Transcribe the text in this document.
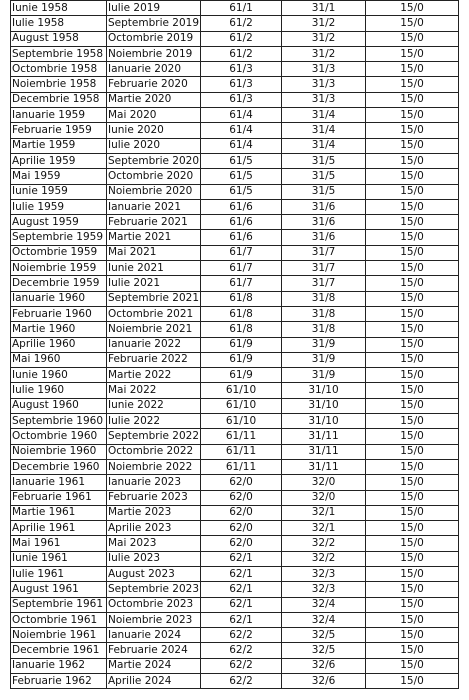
Iunie 1958	Iulie 2019	61/1	31/1	15/0
Iulie 1958	Septembrie 2019	61/2	31/2	15/0
August 1958	Octombrie 2019	61/2	31/2	15/0
Septembrie 1958	Noiembrie 2019	61/2	31/2	15/0
Octombrie 1958	Ianuarie 2020	61/3	31/3	15/0
Noiembrie 1958	Februarie 2020	61/3	31/3	15/0
Decembrie 1958	Martie 2020	61/3	31/3	15/0
Ianuarie 1959	Mai 2020	61/4	31/4	15/0
Februarie 1959	Iunie 2020	61/4	31/4	15/0
Martie 1959	Iulie 2020	61/4	31/4	15/0
Aprilie 1959	Septembrie 2020	61/5	31/5	15/0
Mai 1959	Octombrie 2020	61/5	31/5	15/0
Iunie 1959	Noiembrie 2020	61/5	31/5	15/0
Iulie 1959	Ianuarie 2021	61/6	31/6	15/0
August 1959	Februarie 2021	61/6	31/6	15/0
Septembrie 1959	Martie 2021	61/6	31/6	15/0
Octombrie 1959	Mai 2021	61/7	31/7	15/0
Noiembrie 1959	Iunie 2021	61/7	31/7	15/0
Decembrie 1959	Iulie 2021	61/7	31/7	15/0
Ianuarie 1960	Septembrie 2021	61/8	31/8	15/0
Februarie 1960	Octombrie 2021	61/8	31/8	15/0
Martie 1960	Noiembrie 2021	61/8	31/8	15/0
Aprilie 1960	Ianuarie 2022	61/9	31/9	15/0
Mai 1960	Februarie 2022	61/9	31/9	15/0
Iunie 1960	Martie 2022	61/9	31/9	15/0
Iulie 1960	Mai 2022	61/10	31/10	15/0
August 1960	Iunie 2022	61/10	31/10	15/0
Septembrie 1960	Iulie 2022	61/10	31/10	15/0
Octombrie 1960	Septembrie 2022	61/11	31/11	15/0
Noiembrie 1960	Octombrie 2022	61/11	31/11	15/0
Decembrie 1960	Noiembrie 2022	61/11	31/11	15/0
Ianuarie 1961	Ianuarie 2023	62/0	32/0	15/0
Februarie 1961	Februarie 2023	62/0	32/0	15/0
Martie 1961	Martie 2023	62/0	32/1	15/0
Aprilie 1961	Aprilie 2023	62/0	32/1	15/0
Mai 1961	Mai 2023	62/0	32/2	15/0
Iunie 1961	Iulie 2023	62/1	32/2	15/0
Iulie 1961	August 2023	62/1	32/3	15/0
August 1961	Septembrie 2023	62/1	32/3	15/0
Septembrie 1961	Octombrie 2023	62/1	32/4	15/0
Octombrie 1961	Noiembrie 2023	62/1	32/4	15/0
Noiembrie 1961	Ianuarie 2024	62/2	32/5	15/0
Decembrie 1961	Februarie 2024	62/2	32/5	15/0
Ianuarie 1962	Martie 2024	62/2	32/6	15/0
Februarie 1962	Aprilie 2024	62/2	32/6	15/0
